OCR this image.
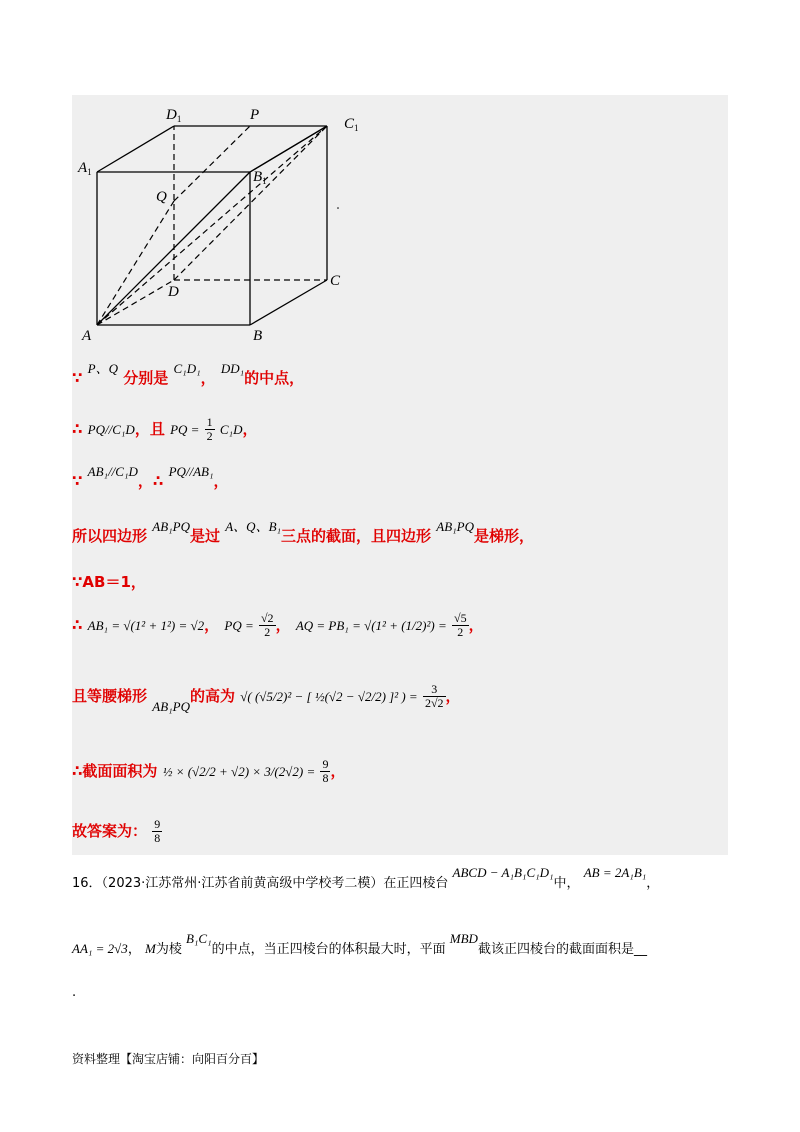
$D_1$	P
$C_1$
$A_1$	$B_1$
Q
D
C
A	B
∵ P、Q 分别是 C₁D₁， DD₁的中点，
∴ PQ//C₁D，且 PQ = $\frac{1}{2} C_1D$，
∵ AB₁//C₁D，∴ PQ//AB₁，
所以四边形 AB₁PQ是过 A、Q、B₁三点的截面，且四边形 AB₁PQ是梯形，
∵AB＝1，
∴ AB₁ = √(1² + 1²) = √2， PQ = $\frac{√2}{2}$ ， AQ = $PB_1 = √(1^2 + (1/2)^2) = \frac{√5}{2}$ ，
且等腰梯形 AB₁PQ的高为 √( (√5/2)² − [ ½(√2 − √2/2) ]² ) = $\frac{3}{2√2}$ ，
∴截面面积为 ½ × $(√2/2 + √2) \times 3/(2√2) = \frac{9}{8}$ ，
故答案为： $\frac{9}{8}$
16．（2023·江苏常州·江苏省前黄高级中学校考二模）在正四棱台 ABCD − A₁B₁C₁D₁中， AB = 2A₁B₁，
AA₁ = 2√3， M为棱 B₁C₁的中点，当正四棱台的体积最大时，平面 MBD截该正四棱台的截面面积是__
.
资料整理【淘宝店铺：向阳百分百】
